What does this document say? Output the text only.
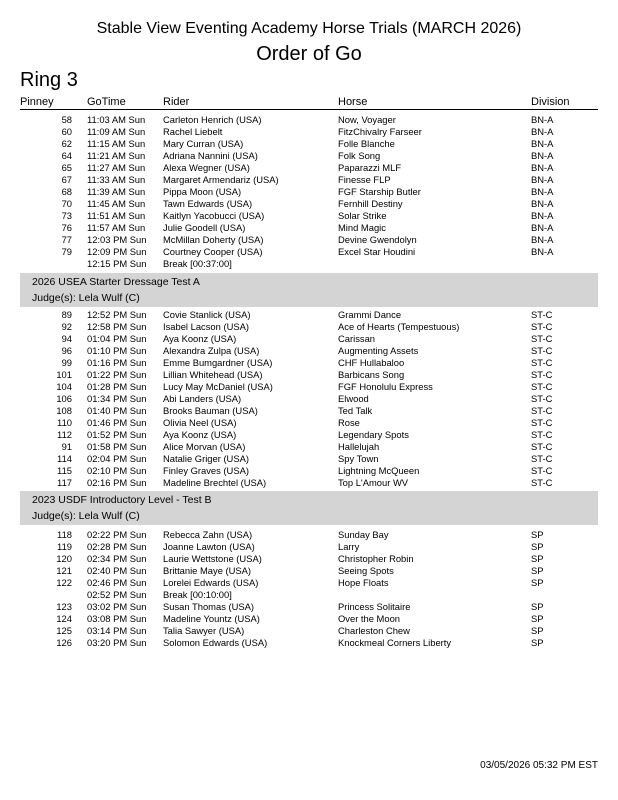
Stable View Eventing Academy Horse Trials (MARCH 2026)
Order of Go
Ring 3
Pinney	GoTime	Rider	Horse	Division
58 11:03 AM Sun Carleton Henrich (USA)	Now, Voyager	BN-A
60 11:09 AM Sun Rachel Liebelt	FitzChivalry Farseer	BN-A
62 11:15 AM Sun Mary Curran (USA)	Folle Blanche	BN-A
64 11:21 AM Sun Adriana Nannini (USA)	Folk Song	BN-A
65 11:27 AM Sun Alexa Wegner (USA)	Paparazzi MLF	BN-A
67 11:33 AM Sun Margaret Armendariz (USA)	Finesse FLP	BN-A
68 11:39 AM Sun Pippa Moon (USA)	FGF Starship Butler	BN-A
70 11:45 AM Sun Tawn Edwards (USA)	Fernhill Destiny	BN-A
73 11:51 AM Sun Kaitlyn Yacobucci (USA)	Solar Strike	BN-A
76 11:57 AM Sun Julie Goodell (USA)	Mind Magic	BN-A
77 12:03 PM Sun McMillan Doherty (USA)	Devine Gwendolyn	BN-A
79 12:09 PM Sun Courtney Cooper (USA)	Excel Star Houdini	BN-A
12:15 PM Sun Break [00:37:00]
2026 USEA Starter Dressage Test A
Judge(s): Lela Wulf (C)
89 12:52 PM Sun Covie Stanlick (USA)	Grammi Dance	ST-C
92 12:58 PM Sun Isabel Lacson (USA)	Ace of Hearts (Tempestuous)	ST-C
94 01:04 PM Sun Aya Koonz (USA)	Carissan	ST-C
96 01:10 PM Sun Alexandra Zulpa (USA)	Augmenting Assets	ST-C
99 01:16 PM Sun Emme Bumgardner (USA)	CHF Hullabaloo	ST-C
101 01:22 PM Sun Lillian Whitehead (USA)	Barbicans Song	ST-C
104 01:28 PM Sun Lucy May McDaniel (USA)	FGF Honolulu Express	ST-C
106 01:34 PM Sun Abi Landers (USA)	Elwood	ST-C
108 01:40 PM Sun Brooks Bauman (USA)	Ted Talk	ST-C
110 01:46 PM Sun Olivia Neel (USA)	Rose	ST-C
112 01:52 PM Sun Aya Koonz (USA)	Legendary Spots	ST-C
91 01:58 PM Sun Alice Morvan (USA)	Hallelujah	ST-C
114 02:04 PM Sun Natalie Griger (USA)	Spy Town	ST-C
115 02:10 PM Sun Finley Graves (USA)	Lightning McQueen	ST-C
117 02:16 PM Sun Madeline Brechtel (USA)	Top L'Amour WV	ST-C
2023 USDF Introductory Level - Test B
Judge(s): Lela Wulf (C)
118 02:22 PM Sun Rebecca Zahn (USA)	Sunday Bay	SP
119 02:28 PM Sun Joanne Lawton (USA)	Larry	SP
120 02:34 PM Sun Laurie Wettstone (USA)	Christopher Robin	SP
121 02:40 PM Sun Brittanie Maye (USA)	Seeing Spots	SP
122 02:46 PM Sun Lorelei Edwards (USA)	Hope Floats	SP
02:52 PM Sun Break [00:10:00]
123 03:02 PM Sun Susan Thomas (USA)	Princess Solitaire	SP
124 03:08 PM Sun Madeline Yountz (USA)	Over the Moon	SP
125 03:14 PM Sun Talia Sawyer (USA)	Charleston Chew	SP
126 03:20 PM Sun Solomon Edwards (USA)	Knockmeal Corners Liberty	SP
03/05/2026 05:32 PM EST
